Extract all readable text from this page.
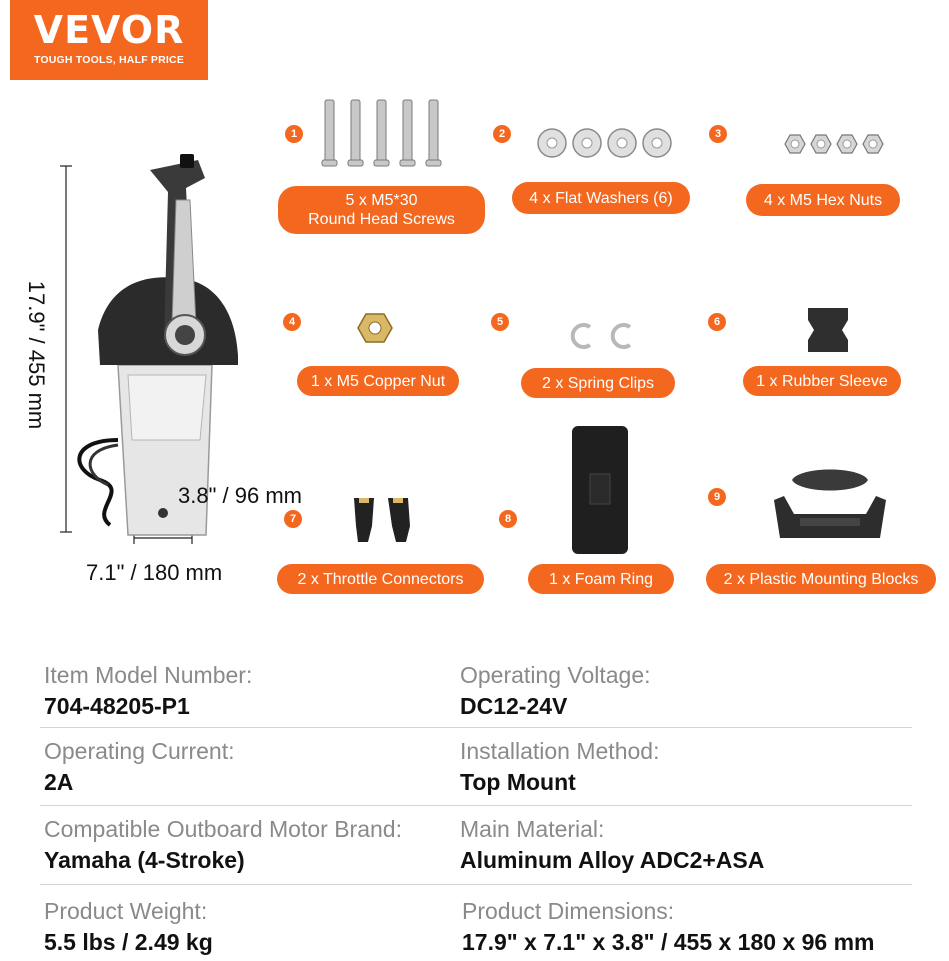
VEVOR
TOUGH TOOLS, HALF PRICE
17.9" / 455 mm
3.8" / 96 mm
7.1" / 180 mm
1
5 x M5*30
Round Head Screws
2
4 x Flat Washers (6)
3
4 x M5 Hex Nuts
4
1 x M5 Copper Nut
5
2 x Spring Clips
6
1 x Rubber Sleeve
7
2 x Throttle Connectors
8
1 x Foam Ring
9
2 x Plastic Mounting Blocks
Item Model Number:
704-48205-P1
Operating Voltage:
DC12-24V
Operating Current:
2A
Installation Method:
Top Mount
Compatible Outboard Motor Brand:
Yamaha (4-Stroke)
Main Material:
Aluminum Alloy ADC2+ASA
Product Weight:
5.5 lbs / 2.49 kg
Product Dimensions:
17.9" x 7.1" x 3.8" / 455 x 180 x 96 mm
